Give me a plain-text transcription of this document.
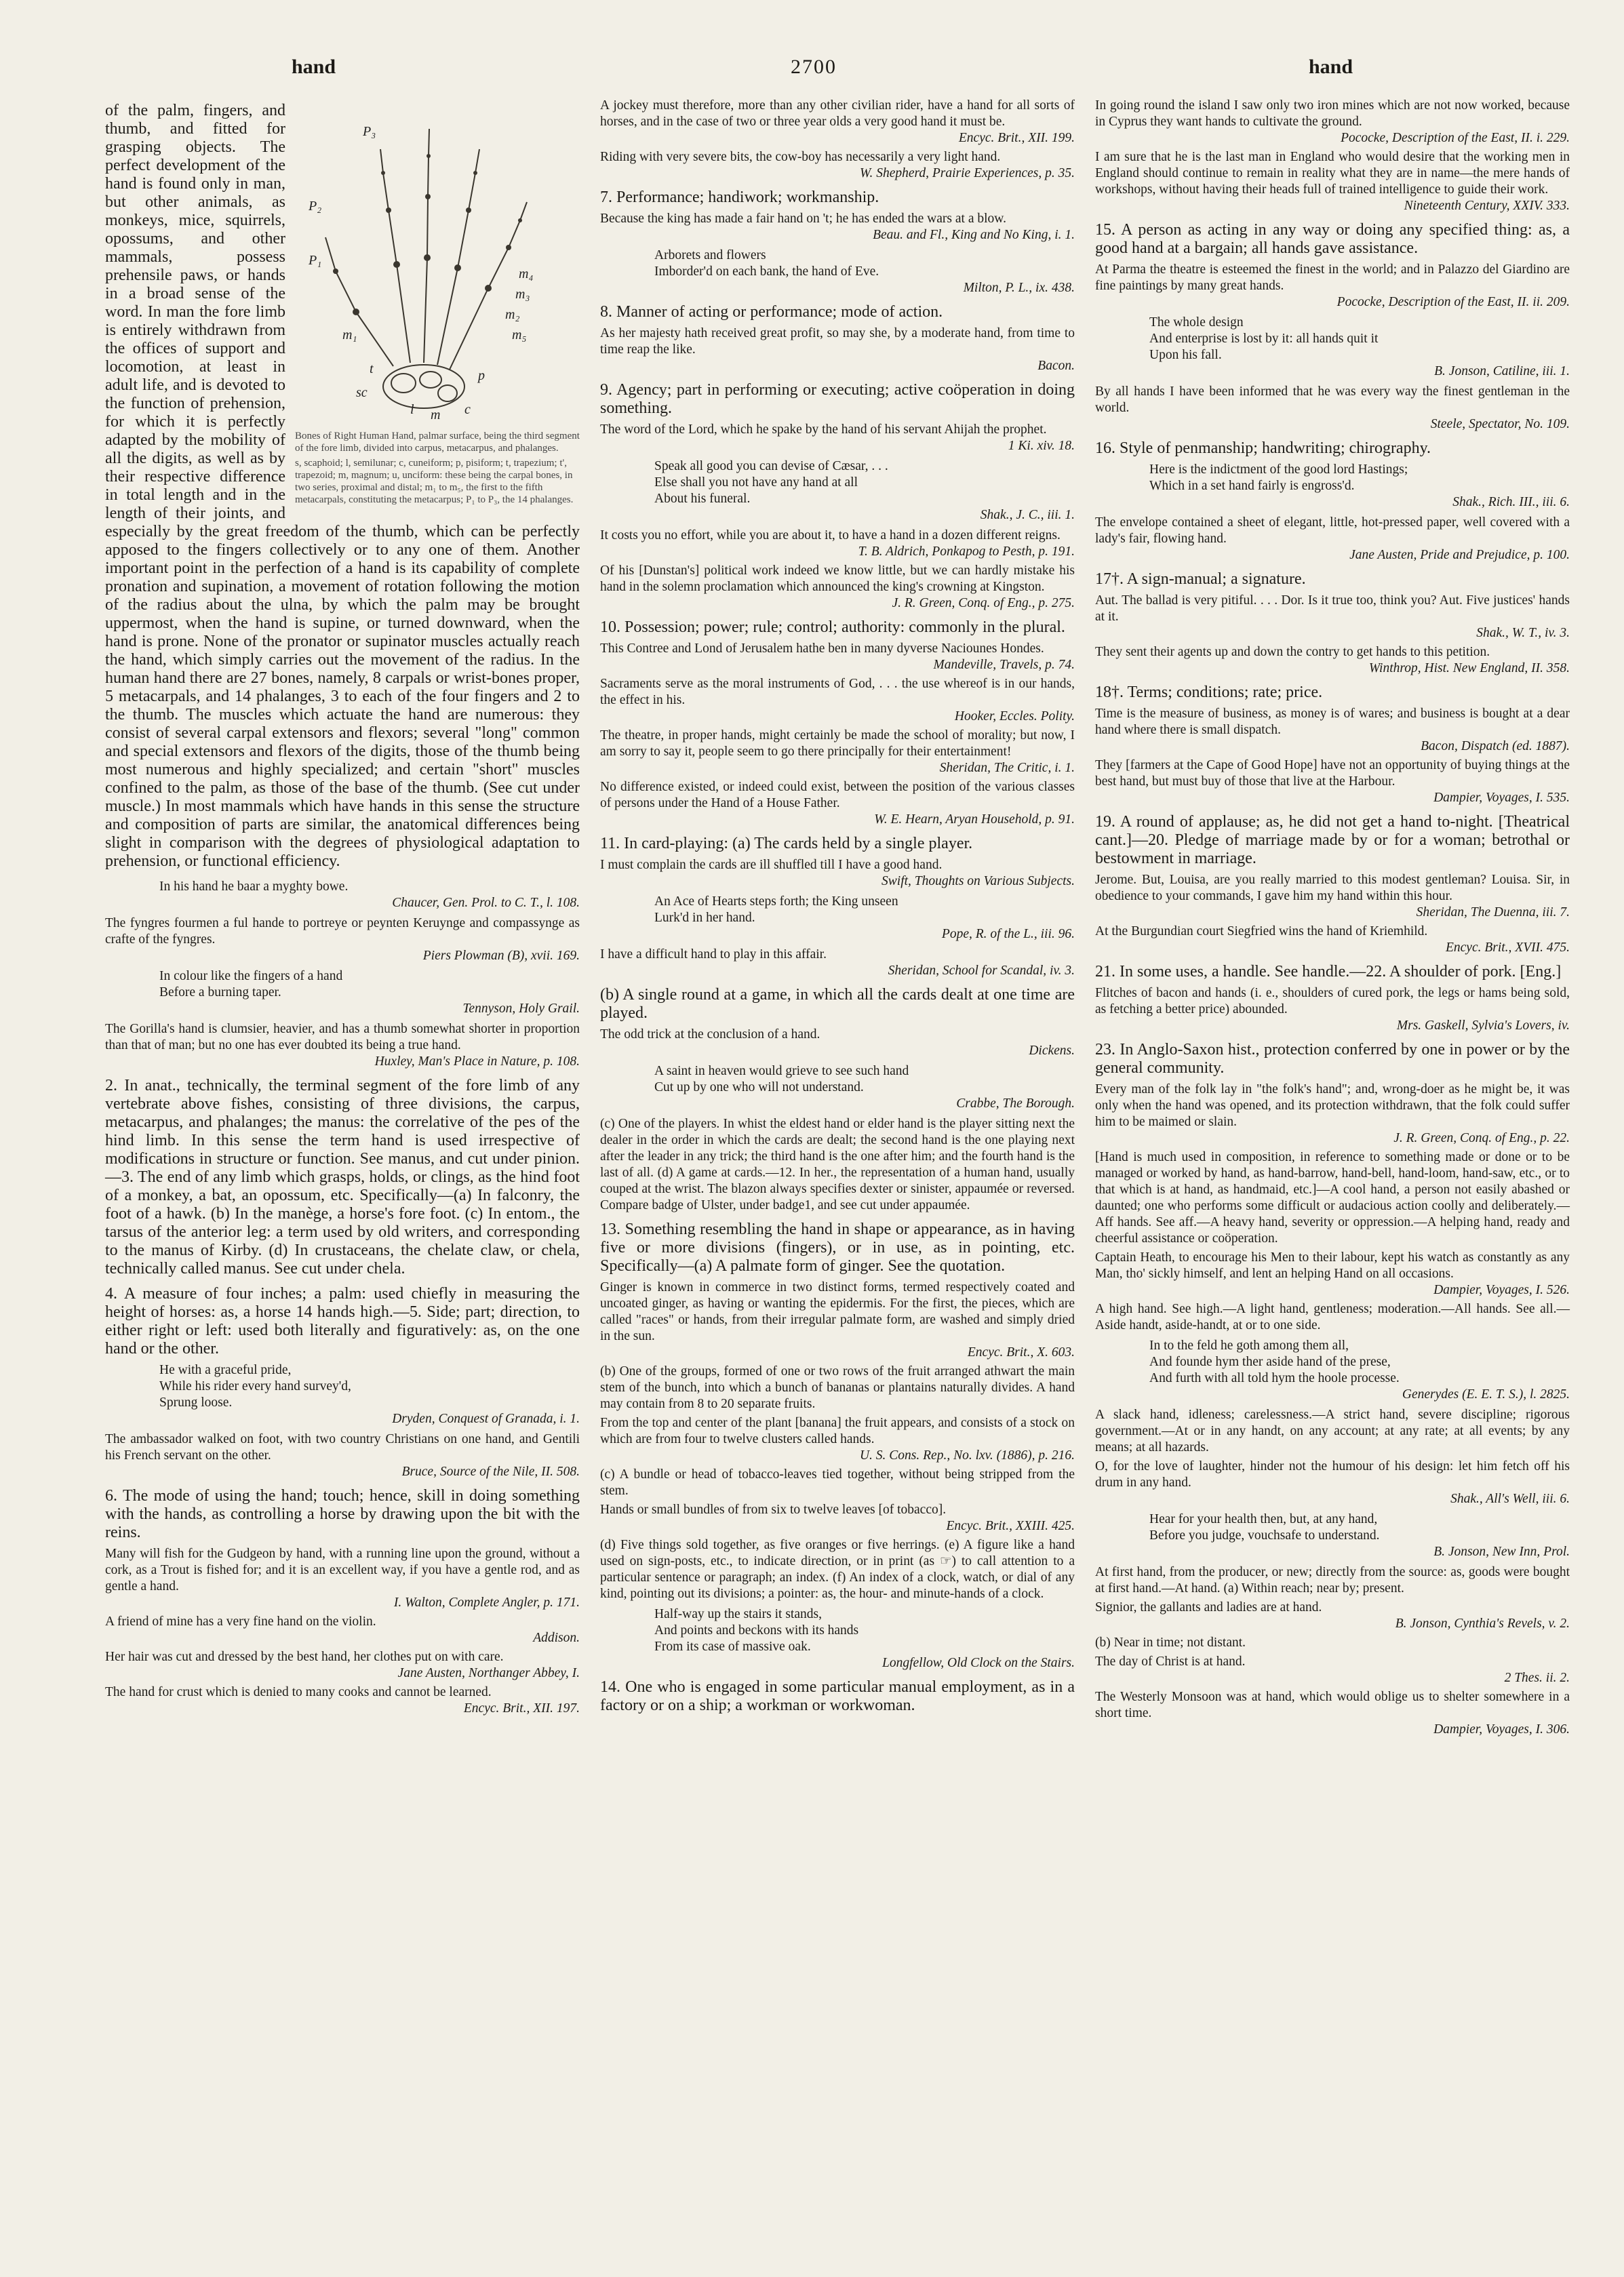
hand	2700	hand
sc
l	c
m
p
t
m₁
m₂
m₃
m₄
m₅
P₁
P₂
P₃
Bones of Right Human Hand, palmar surface, being the third segment of the fore limb, divided into carpus, metacarpus, and phalanges.
s, scaphoid; l, semilunar; c, cuneiform; p, pisiform; t, trapezium; t', trapezoid; m, magnum; u, unciform: these being the carpal bones, in two series, proximal and distal; m₁ to m₅, the first to the fifth metacarpals, constituting the metacarpus; P₁ to P₃, the 14 phalanges.
of the palm, fingers, and thumb, and fitted for grasping objects. The perfect development of the hand is found only in man, but other animals, as monkeys, mice, squirrels, opossums, and other mammals, possess prehensile paws, or hands in a broad sense of the word. In man the fore limb is entirely withdrawn from the offices of support and locomotion, at least in adult life, and is devoted to the function of prehension, for which it is perfectly adapted by the mobility of all the digits, as well as by their respective difference in total length and in the length of their joints, and especially by the great freedom of the thumb, which can be perfectly apposed to the fingers collectively or to any one of them. Another important point in the perfection of a hand is its capability of complete pronation and supination, a movement of rotation following the motion of the radius about the ulna, by which the palm may be brought uppermost, when the hand is supine, or turned downward, when the hand is prone. None of the pronator or supinator muscles actually reach the hand, which simply carries out the movement of the radius. In the human hand there are 27 bones, namely, 8 carpals or wrist-bones proper, 5 metacarpals, and 14 phalanges, 3 to each of the four fingers and 2 to the thumb. The muscles which actuate the hand are numerous: they consist of several carpal extensors and flexors; several "long" common and special extensors and flexors of the digits, those of the thumb being most numerous and highly specialized; and certain "short" muscles confined to the palm, as those of the base of the thumb. (See cut under muscle.) In most mammals which have hands in this sense the structure and composition of parts are similar, the anatomical differences being slight in comparison with the degrees of physiological adaptation to prehension, or functional efficiency.
In his hand he baar a myghty bowe.
Chaucer, Gen. Prol. to C. T., l. 108.
The fyngres fourmen a ful hande to portreye or peynten Keruynge and compassynge as crafte of the fyngres.
Piers Plowman (B), xvii. 169.
In colour like the fingers of a hand
Before a burning taper.
Tennyson, Holy Grail.
The Gorilla's hand is clumsier, heavier, and has a thumb somewhat shorter in proportion than that of man; but no one has ever doubted its being a true hand.
Huxley, Man's Place in Nature, p. 108.
2. In anat., technically, the terminal segment of the fore limb of any vertebrate above fishes, consisting of three divisions, the carpus, metacarpus, and phalanges; the manus: the correlative of the pes of the hind limb. In this sense the term hand is used irrespective of modifications in structure or function. See manus, and cut under pinion.—3. The end of any limb which grasps, holds, or clings, as the hind foot of a monkey, a bat, an opossum, etc. Specifically—(a) In falconry, the foot of a hawk. (b) In the manège, a horse's fore foot. (c) In entom., the tarsus of the anterior leg: a term used by old writers, and corresponding to the manus of Kirby. (d) In crustaceans, the chelate claw, or chela, technically called manus. See cut under chela.
4. A measure of four inches; a palm: used chiefly in measuring the height of horses: as, a horse 14 hands high.—5. Side; part; direction, to either right or left: used both literally and figuratively: as, on the one hand or the other.
He with a graceful pride,
While his rider every hand survey'd,
Sprung loose.
Dryden, Conquest of Granada, i. 1.
The ambassador walked on foot, with two country Christians on one hand, and Gentili his French servant on the other.
Bruce, Source of the Nile, II. 508.
6. The mode of using the hand; touch; hence, skill in doing something with the hands, as controlling a horse by drawing upon the bit with the reins.
Many will fish for the Gudgeon by hand, with a running line upon the ground, without a cork, as a Trout is fished for; and it is an excellent way, if you have a gentle rod, and as gentle a hand.
I. Walton, Complete Angler, p. 171.
A friend of mine has a very fine hand on the violin.
Addison.
Her hair was cut and dressed by the best hand, her clothes put on with care.
Jane Austen, Northanger Abbey, I.
The hand for crust which is denied to many cooks and cannot be learned.
Encyc. Brit., XII. 197.
A jockey must therefore, more than any other civilian rider, have a hand for all sorts of horses, and in the case of two or three year olds a very good hand it must be.
Encyc. Brit., XII. 199.
Riding with very severe bits, the cow-boy has necessarily a very light hand.
W. Shepherd, Prairie Experiences, p. 35.
7. Performance; handiwork; workmanship.
Because the king has made a fair hand on 't; he has ended the wars at a blow.
Beau. and Fl., King and No King, i. 1.
Arborets and flowers
Imborder'd on each bank, the hand of Eve.
Milton, P. L., ix. 438.
8. Manner of acting or performance; mode of action.
As her majesty hath received great profit, so may she, by a moderate hand, from time to time reap the like.
Bacon.
9. Agency; part in performing or executing; active coöperation in doing something.
The word of the Lord, which he spake by the hand of his servant Ahijah the prophet.
1 Ki. xiv. 18.
Speak all good you can devise of Cæsar, . . .
Else shall you not have any hand at all
About his funeral.
Shak., J. C., iii. 1.
It costs you no effort, while you are about it, to have a hand in a dozen different reigns.
T. B. Aldrich, Ponkapog to Pesth, p. 191.
Of his [Dunstan's] political work indeed we know little, but we can hardly mistake his hand in the solemn proclamation which announced the king's crowning at Kingston.
J. R. Green, Conq. of Eng., p. 275.
10. Possession; power; rule; control; authority: commonly in the plural.
This Contree and Lond of Jerusalem hathe ben in many dyverse Naciounes Hondes.
Mandeville, Travels, p. 74.
Sacraments serve as the moral instruments of God, . . . the use whereof is in our hands, the effect in his.
Hooker, Eccles. Polity.
The theatre, in proper hands, might certainly be made the school of morality; but now, I am sorry to say it, people seem to go there principally for their entertainment!
Sheridan, The Critic, i. 1.
No difference existed, or indeed could exist, between the position of the various classes of persons under the Hand of a House Father.
W. E. Hearn, Aryan Household, p. 91.
11. In card-playing: (a) The cards held by a single player.
I must complain the cards are ill shuffled till I have a good hand.
Swift, Thoughts on Various Subjects.
An Ace of Hearts steps forth; the King unseen
Lurk'd in her hand.
Pope, R. of the L., iii. 96.
I have a difficult hand to play in this affair.
Sheridan, School for Scandal, iv. 3.
(b) A single round at a game, in which all the cards dealt at one time are played.
The odd trick at the conclusion of a hand.
Dickens.
A saint in heaven would grieve to see such hand
Cut up by one who will not understand.
Crabbe, The Borough.
(c) One of the players. In whist the eldest hand or elder hand is the player sitting next the dealer in the order in which the cards are dealt; the second hand is the one playing next after the leader in any trick; the third hand is the one after him; and the fourth hand is the last of all. (d) A game at cards.—12. In her., the representation of a human hand, usually couped at the wrist. The blazon always specifies dexter or sinister, appaumée or reversed. Compare badge of Ulster, under badge1, and see cut under appaumée.
13. Something resembling the hand in shape or appearance, as in having five or more divisions (fingers), or in use, as in pointing, etc. Specifically—(a) A palmate form of ginger. See the quotation.
Ginger is known in commerce in two distinct forms, termed respectively coated and uncoated ginger, as having or wanting the epidermis. For the first, the pieces, which are called "races" or hands, from their irregular palmate form, are washed and simply dried in the sun.
Encyc. Brit., X. 603.
(b) One of the groups, formed of one or two rows of the fruit arranged athwart the main stem of the bunch, into which a bunch of bananas or plantains naturally divides. A hand may contain from 8 to 20 separate fruits.
From the top and center of the plant [banana] the fruit appears, and consists of a stock on which are from four to twelve clusters called hands.
U. S. Cons. Rep., No. lxv. (1886), p. 216.
(c) A bundle or head of tobacco-leaves tied together, without being stripped from the stem.
Hands or small bundles of from six to twelve leaves [of tobacco].
Encyc. Brit., XXIII. 425.
(d) Five things sold together, as five oranges or five herrings. (e) A figure like a hand used on sign-posts, etc., to indicate direction, or in print (as ☞) to call attention to a particular sentence or paragraph; an index. (f) An index of a clock, watch, or dial of any kind, pointing out its divisions; a pointer: as, the hour- and minute-hands of a clock.
Half-way up the stairs it stands,
And points and beckons with its hands
From its case of massive oak.
Longfellow, Old Clock on the Stairs.
14. One who is engaged in some particular manual employment, as in a factory or on a ship; a workman or workwoman.
In going round the island I saw only two iron mines which are not now worked, because in Cyprus they want hands to cultivate the ground.
Pococke, Description of the East, II. i. 229.
I am sure that he is the last man in England who would desire that the working men in England should continue to remain in reality what they are in name—the mere hands of workshops, without having their heads full of trained intelligence to guide their work.
Nineteenth Century, XXIV. 333.
15. A person as acting in any way or doing any specified thing: as, a good hand at a bargain; all hands gave assistance.
At Parma the theatre is esteemed the finest in the world; and in Palazzo del Giardino are fine paintings by many great hands.
Pococke, Description of the East, II. ii. 209.
The whole design
And enterprise is lost by it: all hands quit it
Upon his fall.
B. Jonson, Catiline, iii. 1.
By all hands I have been informed that he was every way the finest gentleman in the world.
Steele, Spectator, No. 109.
16. Style of penmanship; handwriting; chirography.
Here is the indictment of the good lord Hastings;
Which in a set hand fairly is engross'd.
Shak., Rich. III., iii. 6.
The envelope contained a sheet of elegant, little, hot-pressed paper, well covered with a lady's fair, flowing hand.
Jane Austen, Pride and Prejudice, p. 100.
17†. A sign-manual; a signature.
Aut. The ballad is very pitiful. . . . Dor. Is it true too, think you? Aut. Five justices' hands at it.
Shak., W. T., iv. 3.
They sent their agents up and down the contry to get hands to this petition.
Winthrop, Hist. New England, II. 358.
18†. Terms; conditions; rate; price.
Time is the measure of business, as money is of wares; and business is bought at a dear hand where there is small dispatch.
Bacon, Dispatch (ed. 1887).
They [farmers at the Cape of Good Hope] have not an opportunity of buying things at the best hand, but must buy of those that live at the Harbour.
Dampier, Voyages, I. 535.
19. A round of applause; as, he did not get a hand to-night. [Theatrical cant.]—20. Pledge of marriage made by or for a woman; betrothal or bestowment in marriage.
Jerome. But, Louisa, are you really married to this modest gentleman? Louisa. Sir, in obedience to your commands, I gave him my hand within this hour.
Sheridan, The Duenna, iii. 7.
At the Burgundian court Siegfried wins the hand of Kriemhild.
Encyc. Brit., XVII. 475.
21. In some uses, a handle. See handle.—22. A shoulder of pork. [Eng.]
Flitches of bacon and hands (i. e., shoulders of cured pork, the legs or hams being sold, as fetching a better price) abounded.
Mrs. Gaskell, Sylvia's Lovers, iv.
23. In Anglo-Saxon hist., protection conferred by one in power or by the general community.
Every man of the folk lay in "the folk's hand"; and, wrong-doer as he might be, it was only when the hand was opened, and its protection withdrawn, that the folk could suffer him to be maimed or slain.
J. R. Green, Conq. of Eng., p. 22.
[Hand is much used in composition, in reference to something made or done or to be managed or worked by hand, as hand-barrow, hand-bell, hand-loom, hand-saw, etc., or to that which is at hand, as handmaid, etc.]—A cool hand, a person not easily abashed or daunted; one who performs some difficult or audacious action coolly and deliberately.—Aff hands. See aff.—A heavy hand, severity or oppression.—A helping hand, ready and cheerful assistance or coöperation.
Captain Heath, to encourage his Men to their labour, kept his watch as constantly as any Man, tho' sickly himself, and lent an helping Hand on all occasions.
Dampier, Voyages, I. 526.
A high hand. See high.—A light hand, gentleness; moderation.—All hands. See all.—Aside handt, aside-handt, at or to one side.
In to the feld he goth among them all,
And founde hym ther aside hand of the prese,
And furth with all told hym the hoole processe.
Generydes (E. E. T. S.), l. 2825.
A slack hand, idleness; carelessness.—A strict hand, severe discipline; rigorous government.—At or in any handt, on any account; at any rate; at all events; by any means; at all hazards.
O, for the love of laughter, hinder not the humour of his design: let him fetch off his drum in any hand.
Shak., All's Well, iii. 6.
Hear for your health then, but, at any hand,
Before you judge, vouchsafe to understand.
B. Jonson, New Inn, Prol.
At first hand, from the producer, or new; directly from the source: as, goods were bought at first hand.—At hand. (a) Within reach; near by; present.
Signior, the gallants and ladies are at hand.
B. Jonson, Cynthia's Revels, v. 2.
(b) Near in time; not distant.
The day of Christ is at hand.
2 Thes. ii. 2.
The Westerly Monsoon was at hand, which would oblige us to shelter somewhere in a short time.
Dampier, Voyages, I. 306.
